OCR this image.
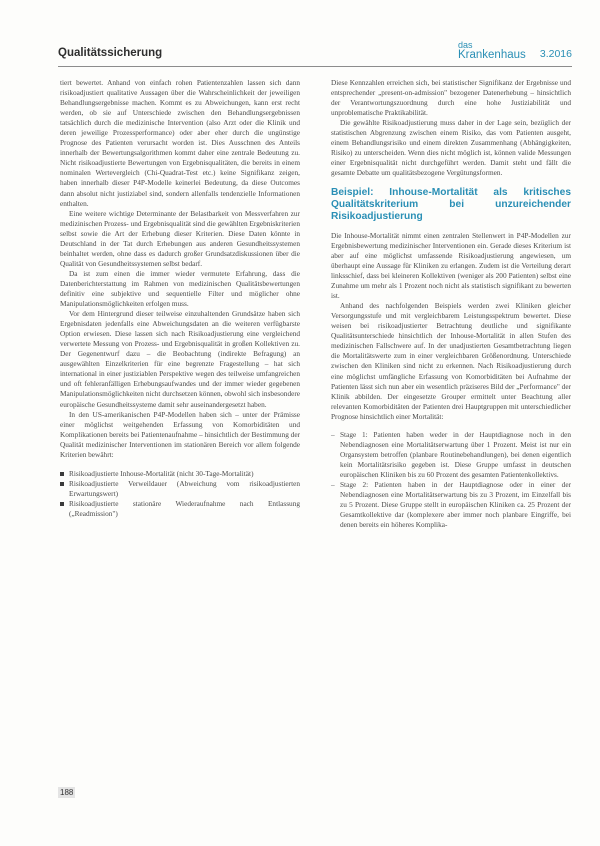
Qualitätssicherung
das
Krankenhaus 3.2016

tiert bewertet. Anhand von einfach rohen Patientenzahlen lassen sich dann risikoadjustiert qualitative Aussagen über die Wahrscheinlichkeit der jeweiligen Behandlungsergebnisse machen. Kommt es zu Abweichungen, kann erst recht werden, ob sie auf Unterschiede zwischen den Behandlungsergebnissen tatsächlich durch die medizinische Intervention (also Arzt oder die Klinik und deren jeweilige Prozessperformance) oder aber eher durch die ungünstige Prognose des Patienten verursacht worden ist. Dies Ausschnen des Anteils innerhalb der Bewertungsalgorithmen kommt daher eine zentrale Bedeutung zu. Nicht risikoadjustierte Bewertungen von Ergebnisqualitäten, die bereits in einem nominalen Wertevergleich (Chi-Quadrat-Test etc.) keine Signifikanz zeigen, haben innerhalb dieser P4P-Modelle keinerlei Bedeutung, da diese Outcomes dann absolut nicht justiziabel sind, sondern allenfalls tendenzielle Informationen enthalten.

Eine weitere wichtige Determinante der Belastbarkeit von Messverfahren zur medizinischen Prozess- und Ergebnisqualität sind die gewählten Ergebniskriterien selbst sowie die Art der Erhebung dieser Kriterien. Diese Daten könnte in Deutschland in der Tat durch Erhebungen aus anderen Gesundheitssystemen beinhaltet werden, ohne dass es dadurch großer Grundsatzdiskussionen über die Qualität von Gesundheitssystemen selbst bedarf.

Da ist zum einen die immer wieder vermutete Erfahrung, dass die Datenberichterstattung im Rahmen von medizinischen Qualitätsbewertungen definitiv eine subjektive und sequentielle Filter und möglicher ohne Manipulationsmöglichkeiten erfolgen muss.

Vor dem Hintergrund dieser teilweise einzuhaltenden Grundsätze haben sich Ergebnisdaten jedenfalls eine Abweichungsdaten an die weiteren verfügbarste Option erwiesen. Diese lassen sich nach Risikoadjustierung eine vergleichend verwertete Messung von Prozess- und Ergebnisqualität in großen Kollektiven zu. Der Gegenentwurf dazu – die Beobachtung (indirekte Befragung) an ausgewählten Einzelkriterien für eine begrenzte Fragestellung – hat sich international in einer justiziablen Perspektive wegen des teilweise umfangreichen und oft fehleranfälligen Erhebungsaufwandes und der immer wieder gegebenen Manipulationsmöglichkeiten nicht durchsetzen können, obwohl sich insbesondere europäische Gesundheitssysteme damit sehr auseinandergesetzt haben.

In den US-amerikanischen P4P-Modellen haben sich – unter der Prämisse einer möglichst weitgehenden Erfassung von Komorbiditäten und Komplikationen bereits bei Patientenaufnahme – hinsichtlich der Bestimmung der Qualität medizinischer Interventionen im stationären Bereich vor allem folgende Kriterien bewährt:

Risikoadjustierte Inhouse-Mortalität (nicht 30-Tage-Mortalität)
Risikoadjustierte Verweildauer (Abweichung vom risikoadjustierten Erwartungswert)
Risikoadjustierte stationäre Wiederaufnahme nach Entlassung („Readmission")

Diese Kennzahlen erreichen sich, bei statistischer Signifikanz der Ergebnisse und entsprechender „present-on-admission" bezogener Datenerhebung – hinsichtlich der Verantwortungszuordnung durch eine hohe Justiziabilität und unproblematische Praktikabilität.

Die gewählte Risikoadjustierung muss daher in der Lage sein, bezüglich der statistischen Abgrenzung zwischen einem Risiko, das vom Patienten ausgeht, einem Behandlungsrisiko und einem direkten Zusammenhang (Abhängigkeiten, Risiko) zu unterscheiden. Wenn dies nicht möglich ist, können valide Messungen einer Ergebnisqualität nicht durchgeführt werden. Damit steht und fällt die gesamte Debatte um qualitätsbezogene Vergütungsformen.

Beispiel: Inhouse-Mortalität als kritisches Qualitätskriterium bei unzureichender Risikoadjustierung

Die Inhouse-Mortalität nimmt einen zentralen Stellenwert in P4P-Modellen zur Ergebnisbewertung medizinischer Interventionen ein. Gerade dieses Kriterium ist aber auf eine möglichst umfassende Risikoadjustierung angewiesen, um überhaupt eine Aussage für Kliniken zu erlangen. Zudem ist die Verteilung derart linksschief, dass bei kleineren Kollektiven (weniger als 200 Patienten) selbst eine Zunahme um mehr als 1 Prozent noch nicht als statistisch signifikant zu bewerten ist.

Anhand des nachfolgenden Beispiels werden zwei Kliniken gleicher Versorgungsstufe und mit vergleichbarem Leistungsspektrum bewertet. Diese weisen bei risikoadjustierter Betrachtung deutliche und signifikante Qualitätsunterschiede hinsichtlich der Inhouse-Mortalität in allen Stufen des medizinischen Fallschwere auf. In der unadjustierten Gesamtbetrachtung liegen die Mortalitätswerte zum in einer vergleichbaren Größenordnung. Unterschiede zwischen den Kliniken sind nicht zu erkennen. Nach Risikoadjustierung durch eine möglichst umfängliche Erfassung von Komorbiditäten bei Aufnahme der Patienten lässt sich nun aber ein wesentlich präziseres Bild der „Performance" der Klinik abbilden. Der eingesetzte Grouper ermittelt unter Beachtung aller relevanten Komorbiditäten der Patienten drei Hauptgruppen mit unterschiedlicher Prognose hinsichtlich einer Mortalität:

– Stage 1: Patienten haben weder in der Hauptdiagnose noch in den Nebendiagnosen eine Mortalitätserwartung über 1 Prozent. Meist ist nur ein Organsystem betroffen (planbare Routinebehandlungen), bei denen eigentlich kein Mortalitätsrisiko gegeben ist. Diese Gruppe umfasst in deutschen europäischen Kliniken bis zu 60 Prozent des gesamten Patientenkollektivs.
– Stage 2: Patienten haben in der Hauptdiagnose oder in einer der Nebendiagnosen eine Mortalitätserwartung bis zu 3 Prozent, im Einzelfall bis zu 5 Prozent. Diese Gruppe stellt in europäischen Kliniken ca. 25 Prozent der Gesamtkollektive dar (komplexere aber immer noch planbare Eingriffe, bei denen bereits ein höheres Komplika-
188
